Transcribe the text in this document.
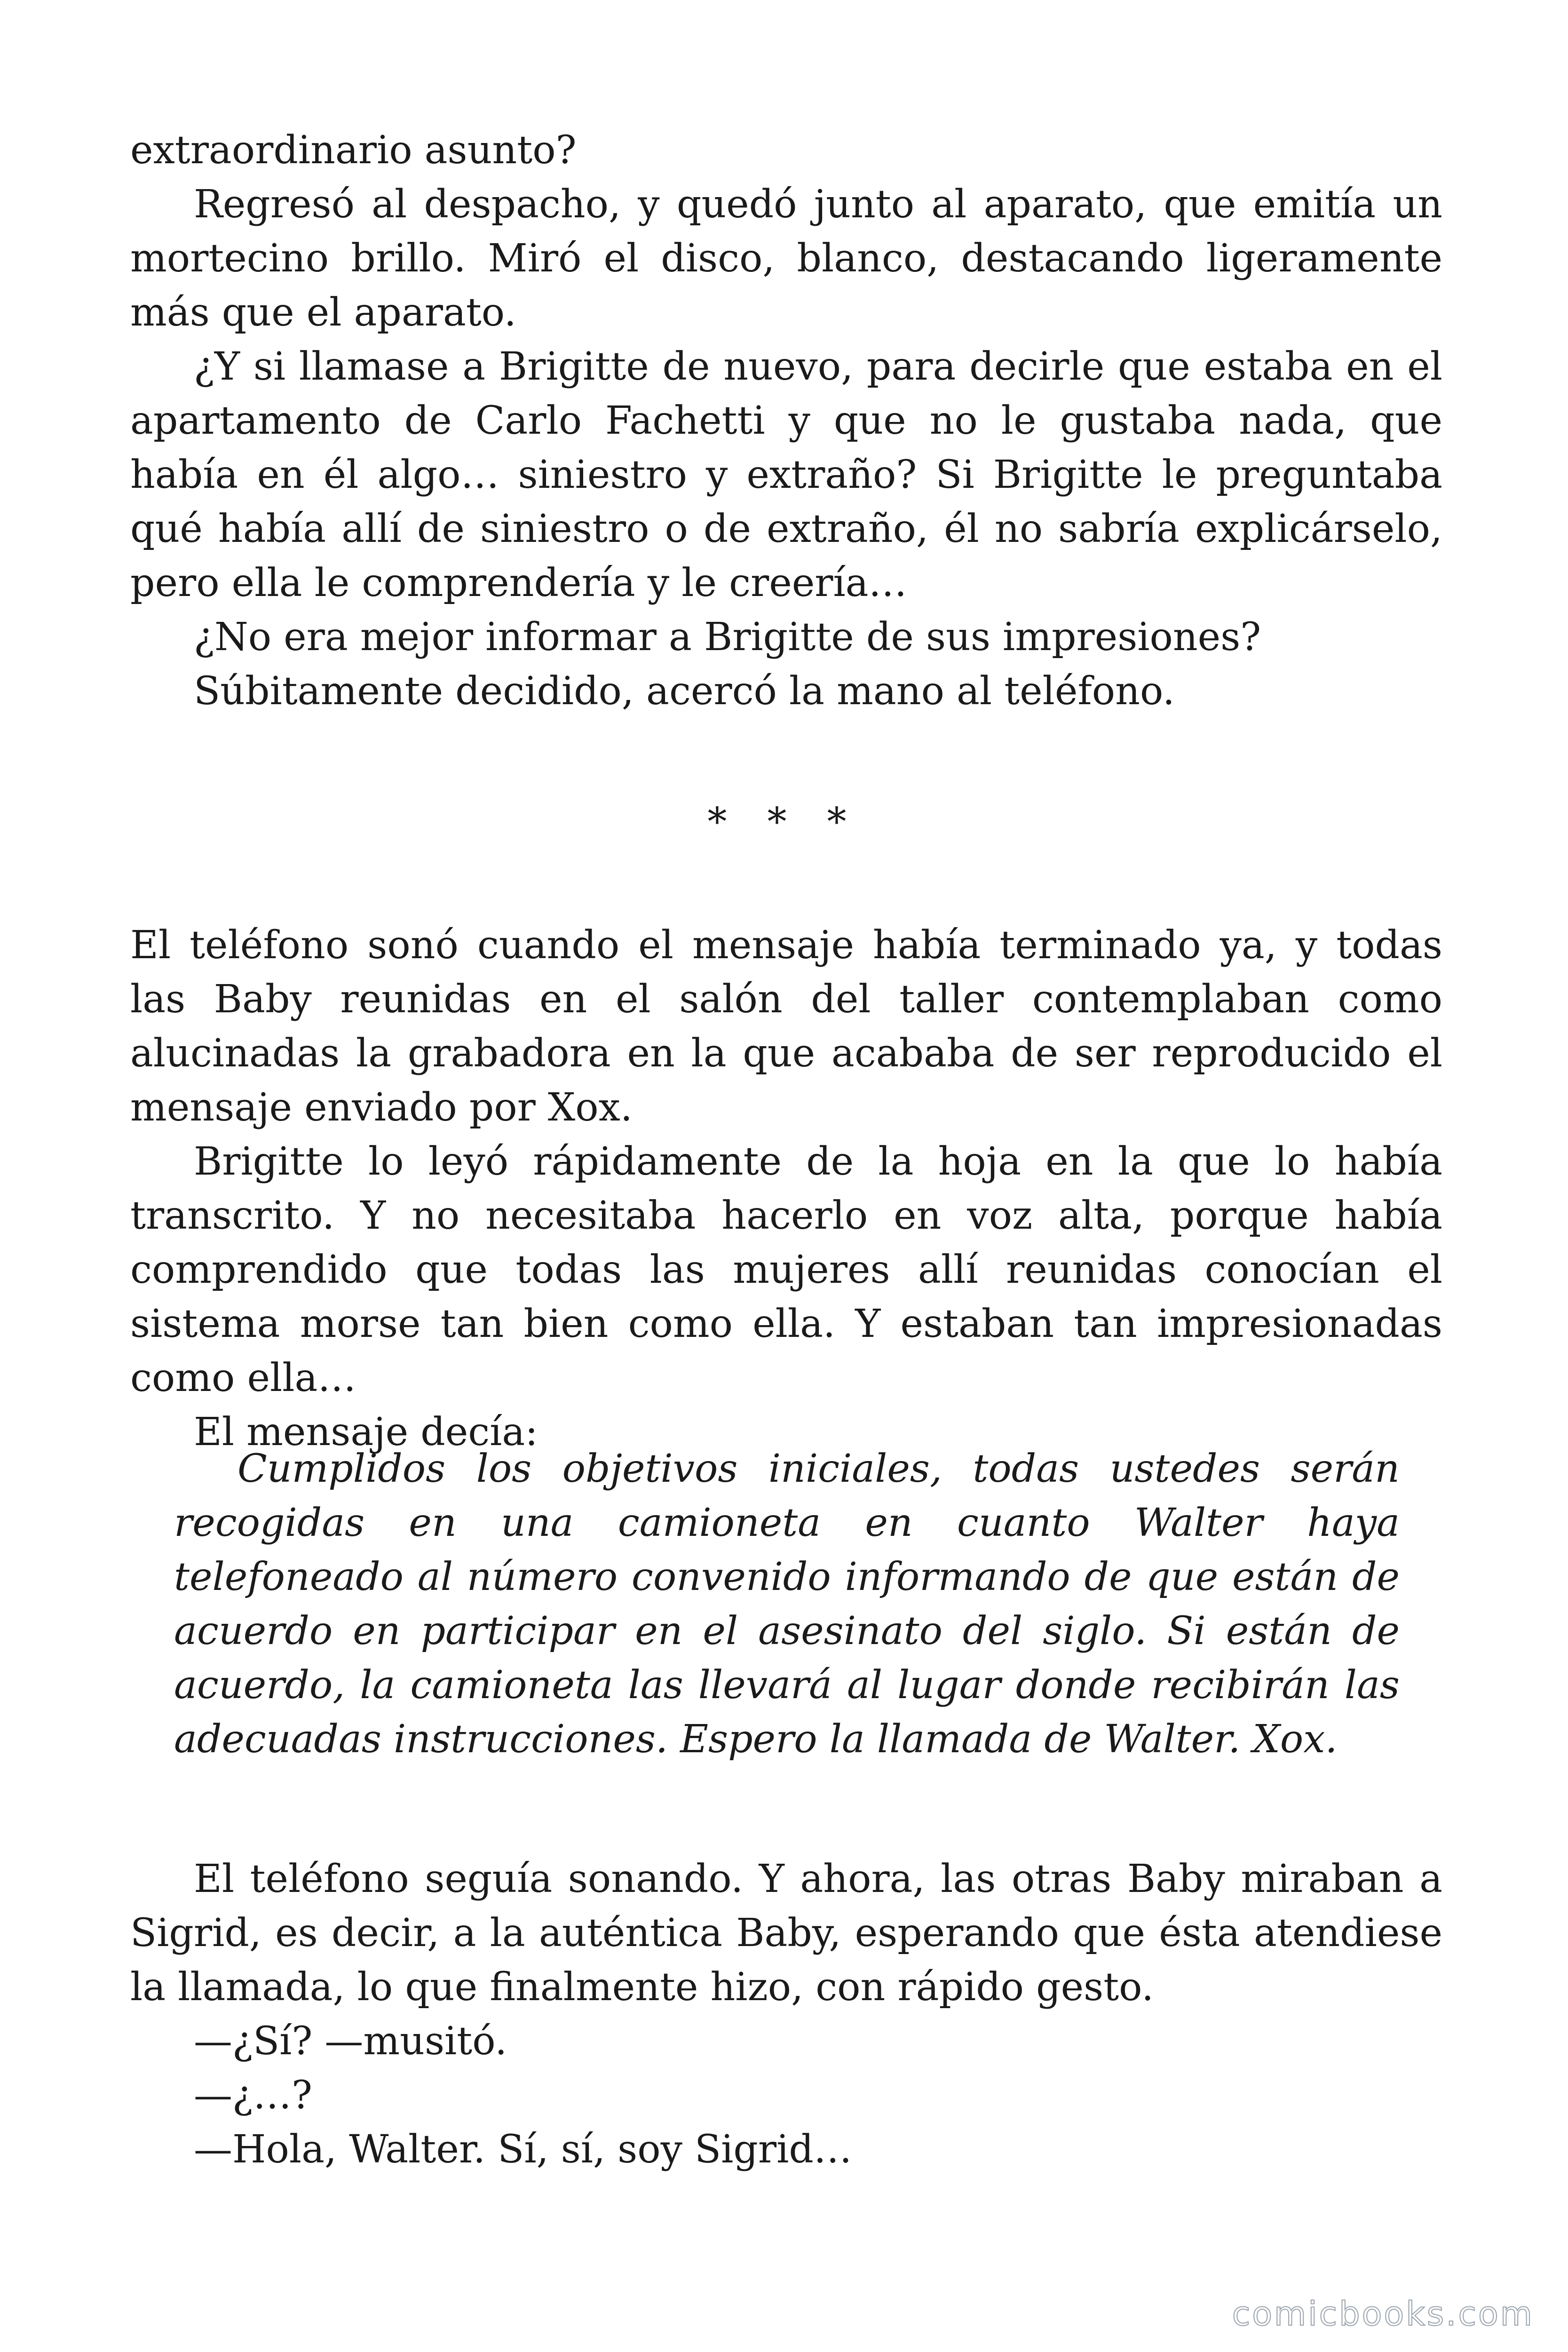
extraordinario asunto?

Regresó al despacho, y quedó junto al aparato, que emitía un mortecino brillo. Miró el disco, blanco, destacando ligeramente más que el aparato.

¿Y si llamase a Brigitte de nuevo, para decirle que estaba en el apartamento de Carlo Fachetti y que no le gustaba nada, que había en él algo… siniestro y extraño? Si Brigitte le preguntaba qué había allí de siniestro o de extraño, él no sabría explicárselo, pero ella le comprendería y le creería…

¿No era mejor informar a Brigitte de sus impresiones?

Súbitamente decidido, acercó la mano al teléfono.

* * *

El teléfono sonó cuando el mensaje había terminado ya, y todas las Baby reunidas en el salón del taller contemplaban como alucinadas la grabadora en la que acababa de ser reproducido el mensaje enviado por Xox.

Brigitte lo leyó rápidamente de la hoja en la que lo había transcrito. Y no necesitaba hacerlo en voz alta, porque había comprendido que todas las mujeres allí reunidas conocían el sistema morse tan bien como ella. Y estaban tan impresionadas como ella…

El mensaje decía:

Cumplidos los objetivos iniciales, todas ustedes serán recogidas en una camioneta en cuanto Walter haya telefoneado al número convenido informando de que están de acuerdo en participar en el asesinato del siglo. Si están de acuerdo, la camioneta las llevará al lugar donde recibirán las adecuadas instrucciones. Espero la llamada de Walter. Xox.

El teléfono seguía sonando. Y ahora, las otras Baby miraban a Sigrid, es decir, a la auténtica Baby, esperando que ésta atendiese la llamada, lo que finalmente hizo, con rápido gesto.

—¿Sí? —musitó.

—¿…?

—Hola, Walter. Sí, sí, soy Sigrid…

comicbooks.com
